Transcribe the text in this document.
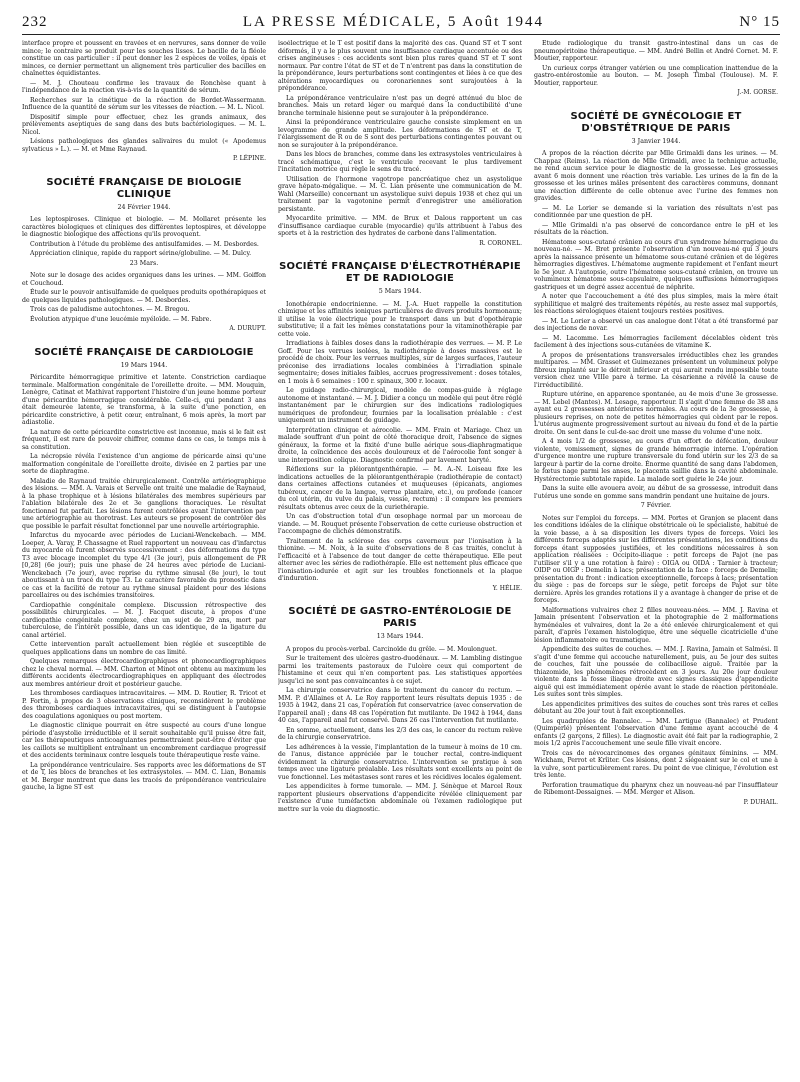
232	LA PRESSE MÉDICALE, 5 Août 1944	N° 15

interface propre et poussent en travées et en nervures, sans donner de voile mince; le contraire se produit pour les souches lisses. Le bacille de la fléole constitue un cas particulier : il peut donner les 2 espèces de voiles, épais et minces, ce dernier permettant un alignement très particulier des bacilles en chaînettes équidistantes.

— M. J. Chouteau confirme les travaux de Ronchèse quant à l'indépendance de la réaction vis-à-vis de la quantité de sérum.

Recherches sur la cinétique de la réaction de Bordet-Wassermann. Influence de la quantité de sérum sur les vitesses de réaction. — M. L. Nicol.

Dispositif simple pour effectuer, chez les grands animaux, des prélèvements aseptiques de sang dans des buts bactériologiques. — M. L. Nicol.

Lésions pathologiques des glandes salivaires du mulot (« Apodemus sylvaticus » L.). — M. et Mme Raynaud.

P. LÉPINE.
SOCIÉTÉ FRANÇAISE DE BIOLOGIE CLINIQUE
24 Février 1944.

Les leptospiroses. Clinique et biologie. — M. Mollaret présente les caractères biologiques et cliniques des différentes leptospires, et développe le diagnostic biologique des affections qu'ils provoquent.

Contribution à l'étude du problème des antisulfamides. — M. Desbordes.

Appréciation clinique, rapide du rapport sérine/globuline. — M. Dulcy.

23 Mars.

Note sur le dosage des acides organiques dans les urines. — MM. Goiffon et Couchoud.

Étude sur le pouvoir antisulfamide de quelques produits opothérapiques et de quelques liquides pathologiques. — M. Desbordes.

Trois cas de paludisme autochtones. — M. Bregou.

Évolution atypique d'une leucémie myéloïde. — M. Fabre.

A. DURUPT.
SOCIÉTÉ FRANÇAISE DE CARDIOLOGIE
19 Mars 1944.

Péricardite hémorragique primitive et latente. Constriction cardiaque terminale. Malformation congénitale de l'oreillette droite. — MM. Mouquin, Lenègre, Catinat et Mathivat rapportent l'histoire d'un jeune homme porteur d'une péricardite hémorragique considérable. Celle-ci, qui pendant 3 ans était demeurée latente, se transforma, à la suite d'une ponction, en péricardite constrictive, à petit cœur, entraînant, 6 mois après, la mort par adiastolie.

La nature de cette péricardite constrictive est inconnue, mais si le fait est fréquent, il est rare de pouvoir chiffrer, comme dans ce cas, le temps mis à sa constitution.

La nécropsie révéla l'existence d'un angiome de péricarde ainsi qu'une malformation congénitale de l'oreillette droite, divisée en 2 parties par une sorte de diaphragme.

Maladie de Raynaud traitée chirurgicalement. Contrôle artériographique des lésions. — MM. A. Varais et Servelle ont traité une maladie de Raynaud, à la phase trophique et à lésions bilatérales des membres supérieurs par l'ablation bilatérale des 2e et 3e ganglions thoraciques. Le résultat fonctionnel fut parfait. Les lésions furent contrôlées avant l'intervention par une artériographie au thorotrast. Les auteurs se proposent de contrôler dès que possible le parfait résultat fonctionnel par une nouvelle artériographie.

Infarctus du myocarde avec périodes de Luciani-Wenckebach. — MM. Loeper, A. Varay, P. Chassagne et Ruel rapportent un nouveau cas d'infarctus du myocarde où furent observés successivement : des déformations du type T3 avec blocage incomplet du type 4/1 (3e jour), puis allongement de PR [0,28] (6e jour); puis une phase de 24 heures avec période de Luciani-Wenckebach (7e jour), avec reprise du rythme sinusal (8e jour), le tout aboutissant à un tracé du type T3. Le caractère favorable du pronostic dans ce cas et la facilité de retour au rythme sinusal plaident pour des lésions parcellaires ou des ischémies transitoires.

Cardiopathie congénitale complexe. Discussion rétrospective des possibilités chirurgicales. — M. J. Facquet discute, à propos d'une cardiopathie congénitale complexe, chez un sujet de 29 ans, mort par tuberculose, de l'intérêt possible, dans un cas identique, de la ligature du canal artériel.

Cette intervention paraît actuellement bien réglée et susceptible de quelques applications dans un nombre de cas limité.

Quelques remarques électrocardiographiques et phonocardiographiques chez le cheval normal. — MM. Charton et Minot ont obtenu au maximum les différents accidents électrocardiographiques en appliquant des électrodes aux membres antérieur droit et postérieur gauche.

Les thromboses cardiaques intracavitaires. — MM. D. Routier, R. Tricot et P. Fortin, à propos de 3 observations cliniques, reconsidèrent le problème des thromboses cardiaques intracavitaires, qui se distinguent à l'autopsie des coagulations agoniques ou post mortem.

Le diagnostic clinique pourrait en être suspecté au cours d'une longue période d'asystolie irréductible et il serait souhaitable qu'il puisse être fait, car les thérapeutiques anticoagulantes permettraient peut-être d'éviter que les caillots se multiplient entraînant un encombrement cardiaque progressif et des accidents terminaux contre lesquels toute thérapeutique reste vaine.

La prépondérance ventriculaire. Ses rapports avec les déformations de ST et de T, les blocs de branches et les extrasystoles. — MM. C. Lian, Bonamis et M. Berger montrent que dans les tracés de prépondérance ventriculaire gauche, la ligne ST est

isoélectrique et le T est positif dans la majorité des cas. Quand ST et T sont déformés, il y a le plus souvent une insuffisance cardiaque accentuée ou des crises angineuses : ces accidents sont bien plus rares quand ST et T sont normaux. Par contre l'état de ST et de T n'entrent pas dans la constitution de la prépondérance, leurs perturbations sont contingentes et liées à ce que des altérations myocardiques ou coronariennes sont surajoutées à la prépondérance.

La prépondérance ventriculaire n'est pas un degré atténué du bloc de branches. Mais un retard léger ou marqué dans la conductibilité d'une branche terminale hisienne peut se surajouter à la prépondérance.

Ainsi la prépondérance ventriculaire gauche consiste simplement en un levogramme de grande amplitude. Les déformations de ST et de T, l'élargissement de R ou de S sont des perturbations contingentes pouvant ou non se surajouter à la prépondérance.

Dans les blocs de branches, comme dans les extrasystoles ventriculaires à tracé schématique, c'est le ventricule recevant le plus tardivement l'incitation motrice qui règle le sens du tracé.

Utilisation de l'hormone vagotrope pancréatique chez un asystolique grave hépato-mégalique. — M. C. Lian présente une communication de M. Wahl (Marseille) concernant un asystolique suivi depuis 1938 et chez qui un traitement par la vagotonine permit d'enregistrer une amélioration persistante.

Myocardite primitive. — MM. de Brux et Dalous rapportent un cas d'insuffisance cardiaque curable (myocardie) qu'ils attribuent à l'abus des sports et à la restriction des hydrates de carbone dans l'alimentation.

R. CORONEL.
SOCIÉTÉ FRANÇAISE D'ÉLECTROTHÉRAPIE ET DE RADIOLOGIE
5 Mars 1944.

Ionothérapie endocrinienne. — M. J.-A. Huet rappelle la constitution chimique et les affinités ioniques particulières de divers produits hormonaux; il utilise la voie électrique pour le transport dans un but d'opothérapie substitutive; il a fait les mêmes constatations pour la vitaminothérapie par cette voie.

Irradiations à faibles doses dans la radiothérapie des verrues. — M. P. Le Goff. Pour les verrues isolées, la radiothérapie à doses massives est le procédé de choix. Pour les verrues multiples, sur de larges surfaces, l'auteur préconise des irradiations locales combinées à l'irradiation spinale segmentaire; doses initiales faibles, accrues progressivement : doses totales, en 1 mois à 6 semaines : 100 r. spinaux, 300 r. locaux.

Le guidage radio-chirurgical, modèle de compas-guide à réglage autonome et instantané. — M. J. Didier a conçu un modèle qui peut être réglé instantanément par le chirurgien sur des indications radiologiques numériques de profondeur, fournies par la localisation préalable : c'est uniquement un instrument de guidage.

Interprétation clinique et aérocolie. — MM. Frain et Mariage. Chez un malade souffrant d'un point de côté thoracique droit, l'absence de signes généraux, la forme et la fixité d'une bulle aérique sous-diaphragmatique droite, la coïncidence des accès douloureux et de l'aérocolie font songer à une interposition colique. Diagnostic confirmé par lavement baryté.

Réflexions sur la pléiorantgenthérapie. — M. A.-N. Loiseau fixe les indications actuelles de la pléiorantgenthérapie (radiothérapie de contact) dans certaines affections cutanées et muqueuses (épicanats, angiomes tubéreux, cancer de la langue, verrue plantaire, etc.), ou profonde (cancer du col utérin, du vulve du palais, vessie, rectum) : il compare les premiers résultats obtenus avec ceux de la curiethérapie.

Un cas d'obstruction total d'un œsophage normal par un morceau de viande. — M. Rouquet présente l'observation de cette curieuse obstruction et l'accompagne de clichés démonstratifs.

Traitement de la sclérose des corps caverneux par l'ionisation à la thionine. — M. Noix, à la suite d'observations de 8 cas traités, conclut à l'efficacité et à l'absence de tout danger de cette thérapeutique. Elle peut alterner avec les séries de radiothérapie. Elle est nettement plus efficace que l'ionisation-iodurée et agit sur les troubles fonctionnels et la plaque d'induration.

Y. HÉLIE.
SOCIÉTÉ DE GASTRO-ENTÉROLOGIE DE PARIS
13 Mars 1944.

A propos du procès-verbal. Carcinoïde du grêle. — M. Moulonguet.

Sur le traitement des ulcères gastro-duodénaux. — M. Lambling distingue parmi les traitements pastoraux de l'ulcère ceux qui comportent de l'histamine et ceux qui n'en comportent pas. Les statistiques apportées jusqu'ici ne sont pas convaincantes à ce sujet.

La chirurgie conservatrice dans le traitement du cancer du rectum. — MM. P. d'Allaines et A. Le Roy rapportent leurs résultats depuis 1935 : de 1935 à 1942, dans 21 cas, l'opération fut conservatrice (avec conservation de l'appareil anal) ; dans 48 cas l'opération fut mutilante. De 1942 à 1944, dans 40 cas, l'appareil anal fut conservé. Dans 26 cas l'intervention fut mutilante.

En somme, actuellement, dans les 2/3 des cas, le cancer du rectum relève de la chirurgie conservatrice.

Les adhérences à la vessie, l'implantation de la tumeur à moins de 10 cm. de l'anus, distance appréciée par le toucher rectal, contre-indiquent évidemment la chirurgie conservatrice. L'intervention se pratique à son temps avec une ligature préalable. Les résultats sont excellents au point de vue fonctionnel. Les métastases sont rares et les récidives locales également.

Les appendicites à forme tumorale. — MM. J. Sénèque et Marcel Roux rapportent plusieurs observations d'appendicite révélée cliniquement par l'existence d'une tuméfaction abdominale où l'examen radiologique put mettre sur la voie du diagnostic.

Étude radiologique du transit gastro-intestinal dans un cas de pneumopéritoine thérapeutique. — MM. André Bellin et André Cornet. M. F. Moutier, rapporteur.

Un curieux corps étranger vatérien ou une complication inattendue de la gastro-entérostomie au bouton. — M. Joseph Timbal (Toulouse). M. F. Moutier, rapporteur.

J.-M. GORSE.
SOCIÉTÉ DE GYNÉCOLOGIE ET D'OBSTÉTRIQUE DE PARIS
3 Janvier 1944.

A propos de la réaction décrite par Mlle Grimaldi dans les urines. — M. Chappaz (Reims). La réaction de Mlle Grimaldi, avec la technique actuelle, ne rend aucun service pour le diagnostic de la grossesse. Les grossesses avant 6 mois donnent une réaction très variable. Les urines de la fin de la grossesse et les urines mâles présentent des caractères communs, donnant une réaction différente de celle obtenue avec l'urine des femmes non gravides.

— M. Le Lorier se demande si la variation des résultats n'est pas conditionnée par une question de pH.

— Mlle Grimaldi n'a pas observé de concordance entre le pH et les résultats de la réaction.

Hématome sous-cutané crânien au cours d'un syndrome hémorragique du nouveau-né. — M. Bret présente l'observation d'un nouveau-né qui 3 jours après la naissance présente un hématome sous-cutané crânien et de légères hémorragies digestives. L'hématome augmente rapidement et l'enfant meurt le 5e jour. A l'autopsie, outre l'hématome sous-cutané crânien, on trouve un volumineux hématome sous-capsulaire, quelques suffusions hémorragiques gastriques et un degré assez accentué de néphrite.

A noter que l'accouchement a été des plus simples, mais la mère était syphilitique et malgré des traitements répétés, au reste assez mal supportés, les réactions sérologiques étaient toujours restées positives.

— M. Le Lorier a observé un cas analogue dont l'état a été transformé par des injections de novar.

— M. Lacomme. Les hémorragies facilement décelables cèdent très facilement à des injections sous-cutanées de vitamine K.

A propos de présentations transversales irréductibles chez les grandes multipares. — MM. Grasset et Guimezanes présentent un volumineux polype fibreux implanté sur le détroit inférieur et qui aurait rendu impossible toute version chez une VIIIe pare à terme. La césarienne a révélé la cause de l'irréductibilité.

Rupture utérine, en apparence spontanée, au 4e mois d'une 3e grossesse. — M. Lebel (Mantes). M. Lesage, rapporteur. Il s'agit d'une femme de 38 ans ayant eu 2 grossesses antérieures normales. Au cours de la 3e grossesse, à plusieurs reprises, on note de petites hémorragies qui cèdent par le repos. L'utérus augmente progressivement surtout au niveau du fond et de la partie droite. On sent dans le cul-de-sac droit une masse du volume d'une noix.

A 4 mois 1/2 de grossesse, au cours d'un effort de défécation, douleur violente, vomissement, signes de grande hémorragie interne. L'opération d'urgence montre une rupture transversale du fond utérin sur les 2/3 de sa largeur à partir de la corne droite. Énorme quantité de sang dans l'abdomen, le fœtus nage parmi les anses, le placenta saillie dans la cavité abdominale. Hystérectomie subtotale rapide. La malade sort guérie le 24e jour.

Dans la suite elle avouera avoir, au début de sa grossesse, introduit dans l'utérus une sonde en gomme sans mandrin pendant une huitaine de jours.

7 Février.

Notes sur l'emploi du forceps. — MM. Portes et Granjon se placent dans les conditions idéales de la clinique obstétricale où le spécialiste, habitué de la voie basse, a à sa disposition les divers types de forceps. Voici les différents forceps adaptés sur les différentes présentations, les conditions du forceps étant supposées justifiées, et les conditions nécessaires à son application réalisées : Occipito-iliaque : petit forceps de Pajot (ne pas l'utiliser s'il y a une rotation à faire) : OIGA ou OIDA : Tarnier à tracteur; OIDP ou OIGP : Demelin à lacs; présentation de la face : forceps de Demelin; présentation du front : indication exceptionnelle, forceps à lacs; présentation du siège : pas de forceps sur le siège, petit forceps de Pajot sur tête dernière. Après les grandes rotations il y a avantage à changer de prise et de forceps.

Malformations vulvaires chez 2 filles nouveau-nées. — MM. J. Ravina et Jamain présentent l'observation et la photographie de 2 malformations hyménéales et vulvaires, dont la 2e a été enlevée chirurgicalement et qui paraît, d'après l'examen histologique, être une séquelle cicatricielle d'une lésion inflammatoire ou traumatique.

Appendicite des suites de couches. — MM. J. Ravina, Jamain et Salmési. Il s'agit d'une femme qui accouche naturellement, puis, au 5e jour des suites de couches, fait une poussée de colibacillose aiguë. Traitée par la thiazomide, les phénomènes rétrocèdent en 3 jours. Au 20e jour douleur violente dans la fosse iliaque droite avec signes classiques d'appendicite aiguë qui est immédiatement opérée avant le stade de réaction péritonéale. Les suites sont très simples.

Les appendicites primitives des suites de couches sont très rares et celles débutant au 20e jour tout à fait exceptionnelles.

Les quadruplées de Bannalec. — MM. Lartigue (Bannalec) et Prudent (Quimperlé) présentent l'observation d'une femme ayant accouché de 4 enfants (2 garçons, 2 filles). Le diagnostic avait été fait par la radiographie, 2 mois 1/2 après l'accouchement une seule fille vivait encore.

Trois cas de névocarcinomes des organes génitaux féminins. — MM. Wickham, Perrot et Krîiter. Ces lésions, dont 2 siégeaient sur le col et une à la vulve, sont particulièrement rares. Du point de vue clinique, l'évolution est très lente.

Perforation traumatique du pharynx chez un nouveau-né par l'insufflateur de Ribemont-Dessaignes. — MM. Merger et Alison.

P. DUHAIL.
